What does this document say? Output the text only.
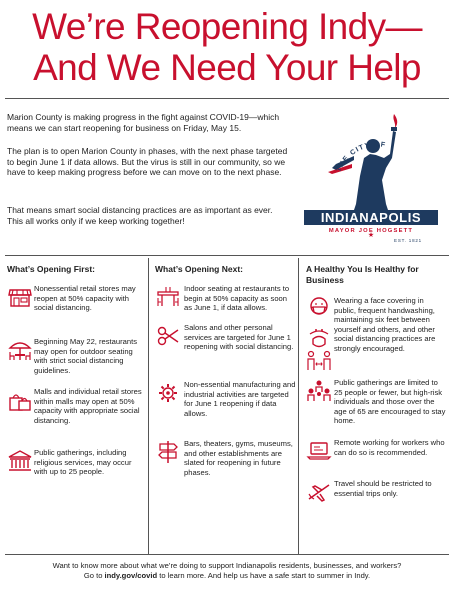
We’re Reopening Indy—
And We Need Your Help

Marion County is making progress in the fight against COVID-19—which means we can start reopening for business on Friday, May 15.

The plan is to open Marion County in phases, with the next phase targeted to begin June 1 if data allows. But the virus is still in our community, so we have to keep making progress before we can move on to the next phase.

That means smart social distancing practices are as important as ever. This all works only if we keep working together!

THE CITY OF
INDIANAPOLIS
MAYOR JOE HOGSETT
★
EST. 1821
What’s Opening First:	What’s Opening Next:	A Healthy You Is Healthy for Business
Nonessential retail stores may reopen at 50% capacity with social distancing.
Beginning May 22, restaurants may open for outdoor seating with strict social distancing guidelines.
Malls and individual retail stores within malls may open at 50% capacity with appropriate social distancing.
Public gatherings, including religious services, may occur with up to 25 people.
Indoor seating at restaurants to begin at 50% capacity as soon as June 1, if data allows.
Salons and other personal services are targeted for June 1 reopening with social distancing.
Non-essential manufacturing and industrial activities are targeted for June 1 reopening if data allows.
Bars, theaters, gyms, museums, and other establishments are slated for reopening in future phases.
Wearing a face covering in public, frequent handwashing, maintaining six feet between yourself and others, and other social distancing practices are strongly encouraged.
Public gatherings are limited to 25 people or fewer, but high-risk individuals and those over the age of 65 are encouraged to stay home.
Remote working for workers who can do so is recommended.
Travel should be restricted to essential trips only.
Want to know more about what we’re doing to support Indianapolis residents, businesses, and workers?
Go to indy.gov/covid to learn more. And help us have a safe start to summer in Indy.
